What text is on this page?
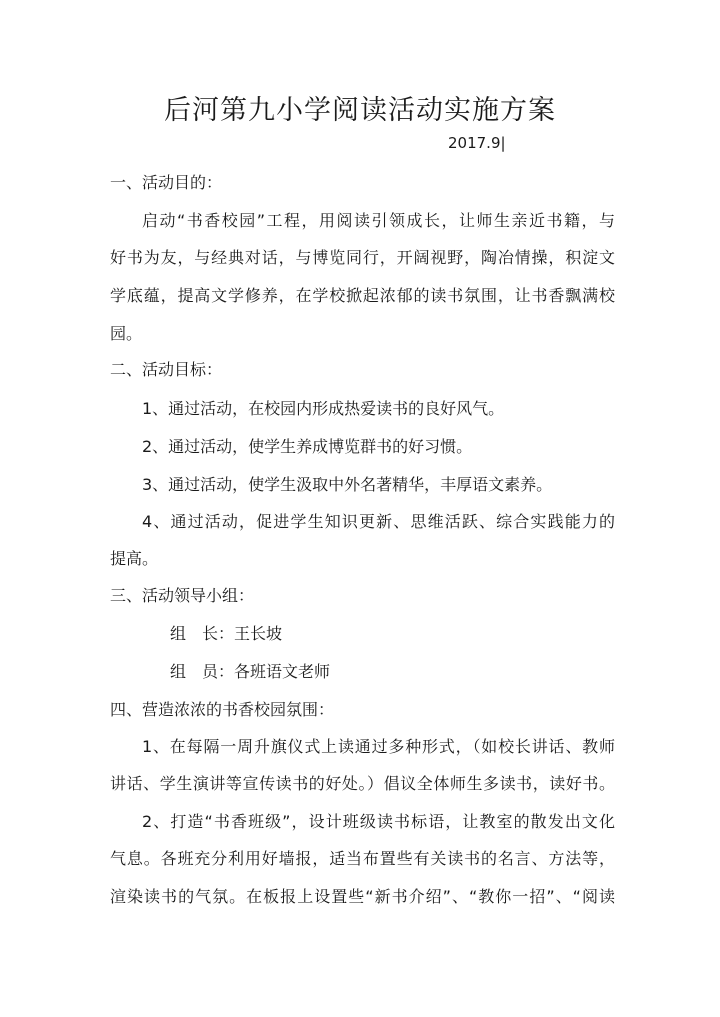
后河第九小学阅读活动实施方案
2017.9|

一、活动目的：

启动“书香校园”工程，用阅读引领成长，让师生亲近书籍，与

好书为友，与经典对话，与博览同行，开阔视野，陶冶情操，积淀文

学底蕴，提高文学修养，在学校掀起浓郁的读书氛围，让书香飘满校

园。

二、活动目标：

1、通过活动，在校园内形成热爱读书的良好风气。

2、通过活动，使学生养成博览群书的好习惯。

3、通过活动，使学生汲取中外名著精华，丰厚语文素养。

4、通过活动，促进学生知识更新、思维活跃、综合实践能力的

提高。

三、活动领导小组：

组　长：王长坡

组　员：各班语文老师

四、营造浓浓的书香校园氛围：

1、在每隔一周升旗仪式上读通过多种形式，（如校长讲话、教师

讲话、学生演讲等宣传读书的好处。）倡议全体师生多读书，读好书。

2、打造“书香班级”，设计班级读书标语，让教室的散发出文化

气息。各班充分利用好墙报，适当布置些有关读书的名言、方法等，

渲染读书的气氛。在板报上设置些“新书介绍”、“教你一招”、“阅读
